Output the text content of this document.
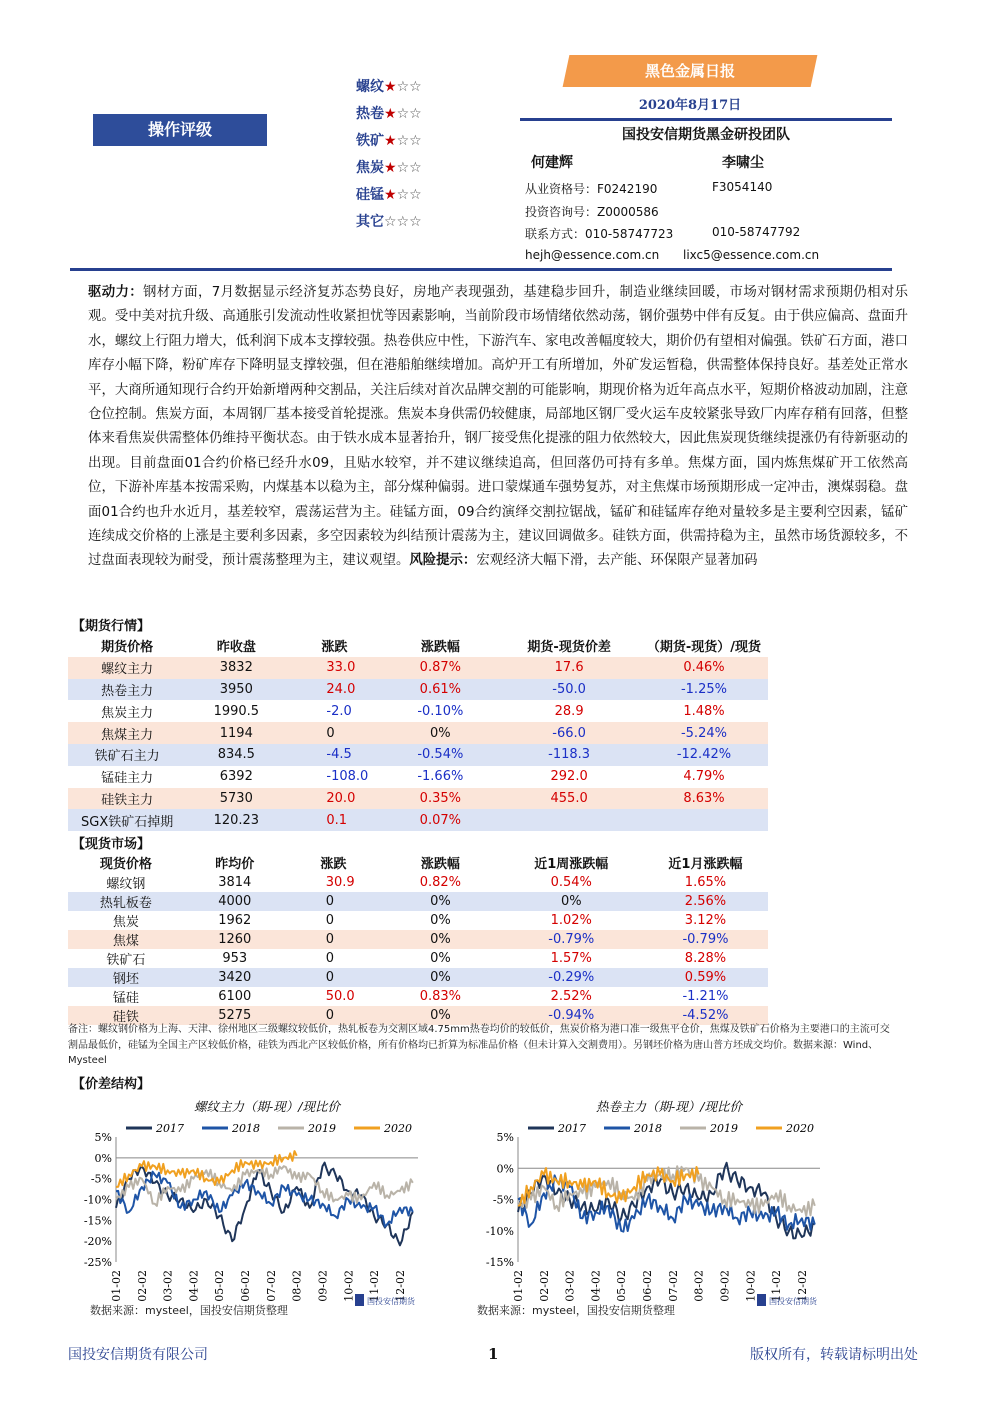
操作评级
螺纹★☆☆
热卷★☆☆
铁矿★☆☆
焦炭★☆☆
硅锰★☆☆
其它☆☆☆
黑色金属日报
2020年8月17日
国投安信期货黑金研投团队
何建辉	李啸尘
从业资格号：F0242190	F3054140
投资咨询号：Z0000586
联系方式：010-58747723	010-58747792
hejh@essence.com.cn lixc5@essence.com.cn
驱动力：钢材方面，7月数据显示经济复苏态势良好，房地产表现强劲，基建稳步回升，制造业继续回暖，市场对钢材需求预期仍相对乐观。受中美对抗升级、高通胀引发流动性收紧担忧等因素影响，当前阶段市场情绪依然动荡，钢价强势中伴有反复。由于供应偏高、盘面升水，螺纹上行阻力增大，低利润下成本支撑较强。热卷供应中性，下游汽车、家电改善幅度较大，期价仍有望相对偏强。铁矿石方面，港口库存小幅下降，粉矿库存下降明显支撑较强，但在港船舶继续增加。高炉开工有所增加，外矿发运暂稳，供需整体保持良好。基差处正常水平，大商所通知现行合约开始新增两种交割品，关注后续对首次品牌交割的可能影响，期现价格为近年高点水平，短期价格波动加剧，注意仓位控制。焦炭方面，本周钢厂基本接受首轮提涨。焦炭本身供需仍较健康，局部地区钢厂受火运车皮较紧张导致厂内库存稍有回落，但整体来看焦炭供需整体仍维持平衡状态。由于铁水成本显著抬升，钢厂接受焦化提涨的阻力依然较大，因此焦炭现货继续提涨仍有待新驱动的出现。目前盘面01合约价格已经升水09，且贴水较窄，并不建议继续追高，但回落仍可持有多单。焦煤方面，国内炼焦煤矿开工依然高位，下游补库基本按需采购，内煤基本以稳为主，部分煤种偏弱。进口蒙煤通车强势复苏，对主焦煤市场预期形成一定冲击，澳煤弱稳。盘面01合约也升水近月，基差较窄，震荡运营为主。硅锰方面，09合约演绎交割拉锯战，锰矿和硅锰库存绝对量较多是主要利空因素，锰矿连续成交价格的上涨是主要利多因素，多空因素较为纠结预计震荡为主，建议回调做多。硅铁方面，供需持稳为主，虽然市场货源较多，不过盘面表现较为耐受，预计震荡整理为主，建议观望。风险提示：宏观经济大幅下滑，去产能、环保限产显著加码
【期货行情】
期货价格	昨收盘	涨跌	涨跌幅	期货-现货价差	（期货-现货）/现货
螺纹主力	3832	33.0	0.87%	17.6	0.46%
热卷主力	3950	24.0	0.61%	-50.0	-1.25%
焦炭主力	1990.5	-2.0	-0.10%	28.9	1.48%
焦煤主力	1194	0	0%	-66.0	-5.24%
铁矿石主力	834.5	-4.5	-0.54%	-118.3	-12.42%
锰硅主力	6392	-108.0	-1.66%	292.0	4.79%
硅铁主力	5730	20.0	0.35%	455.0	8.63%
SGX铁矿石掉期	120.23	0.1	0.07%		
【现货市场】
现货价格	昨均价	涨跌	涨跌幅	近1周涨跌幅	近1月涨跌幅
螺纹钢	3814	30.9	0.82%	0.54%	1.65%
热轧板卷	4000	0	0%	0%	2.56%
焦炭	1962	0	0%	1.02%	3.12%
焦煤	1260	0	0%	-0.79%	-0.79%
铁矿石	953	0	0%	1.57%	8.28%
钢坯	3420	0	0%	-0.29%	0.59%
锰硅	6100	50.0	0.83%	2.52%	-1.21%
硅铁	5275	0	0%	-0.94%	-4.52%
备注：螺纹钢价格为上海、天津、徐州地区三级螺纹较低价，热轧板卷为交割区域4.75mm热卷均价的较低价，焦炭价格为港口准一级焦平仓价，焦煤及铁矿石价格为主要港口的主流可交割品最低价，硅锰为全国主产区较低价格，硅铁为西北产区较低价格，所有价格均已折算为标准品价格（但未计算入交割费用）。另钢坯价格为唐山普方坯成交均价。数据来源：Wind、Mysteel
【价差结构】
螺纹主力（期-现）/现比价
2017	2018	2019	2020
5%
0%
-5%
-10%
-15%
-20%
-25%
01-02 02-02 03-02 04-02 05-02 06-02 07-02 08-02 09-02 10-02 11-02 12-02
国投安信期货
热卷主力（期-现）/现比价
2017	2018	2019	2020
5%
0%
-5%
-10%
-15%
01-02 02-02 03-02 04-02 05-02 06-02 07-02 08-02 09-02 10-02 11-02 12-02
国投安信期货
数据来源：mysteel，国投安信期货整理	数据来源：mysteel，国投安信期货整理
国投安信期货有限公司	1	版权所有，转载请标明出处
